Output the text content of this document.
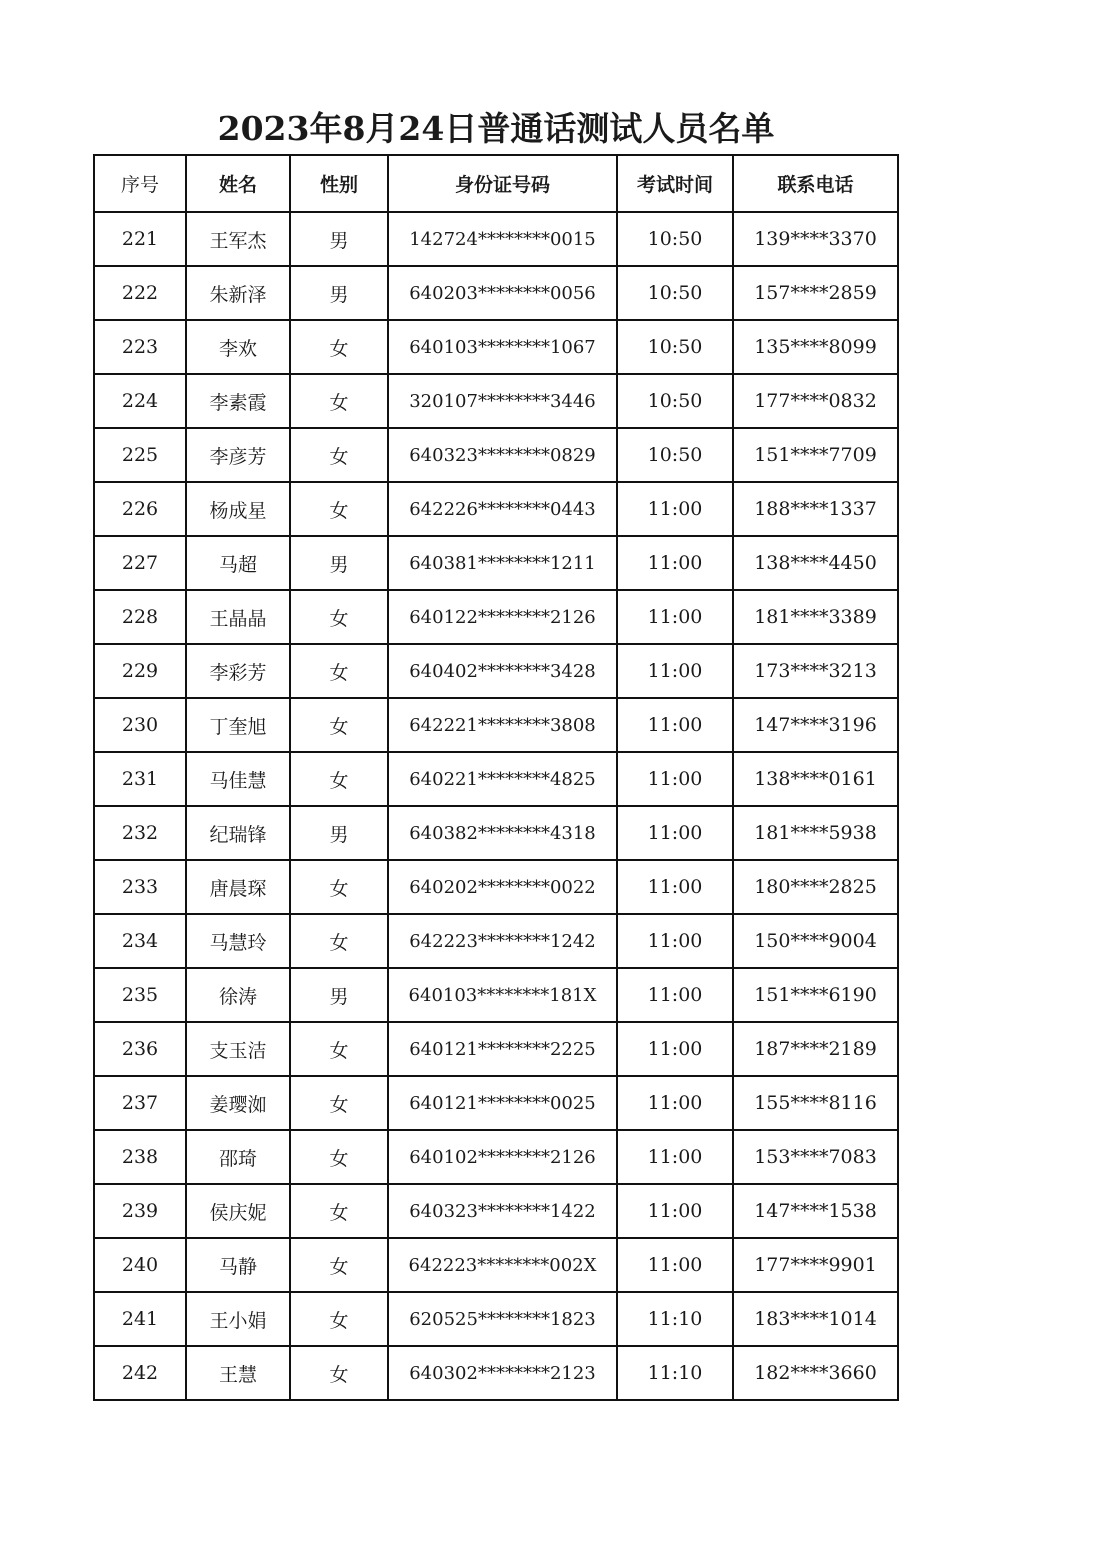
2023年8月24日普通话测试人员名单
序号	姓名	性别	身份证号码	考试时间	联系电话
221	王军杰	男	142724********0015	10:50	139****3370
222	朱新泽	男	640203********0056	10:50	157****2859
223	李欢	女	640103********1067	10:50	135****8099
224	李素霞	女	320107********3446	10:50	177****0832
225	李彦芳	女	640323********0829	10:50	151****7709
226	杨成星	女	642226********0443	11:00	188****1337
227	马超	男	640381********1211	11:00	138****4450
228	王晶晶	女	640122********2126	11:00	181****3389
229	李彩芳	女	640402********3428	11:00	173****3213
230	丁奎旭	女	642221********3808	11:00	147****3196
231	马佳慧	女	640221********4825	11:00	138****0161
232	纪瑞锋	男	640382********4318	11:00	181****5938
233	唐晨琛	女	640202********0022	11:00	180****2825
234	马慧玲	女	642223********1242	11:00	150****9004
235	徐涛	男	640103********181X	11:00	151****6190
236	支玉洁	女	640121********2225	11:00	187****2189
237	姜璎洳	女	640121********0025	11:00	155****8116
238	邵琦	女	640102********2126	11:00	153****7083
239	侯庆妮	女	640323********1422	11:00	147****1538
240	马静	女	642223********002X	11:00	177****9901
241	王小娟	女	620525********1823	11:10	183****1014
242	王慧	女	640302********2123	11:10	182****3660
